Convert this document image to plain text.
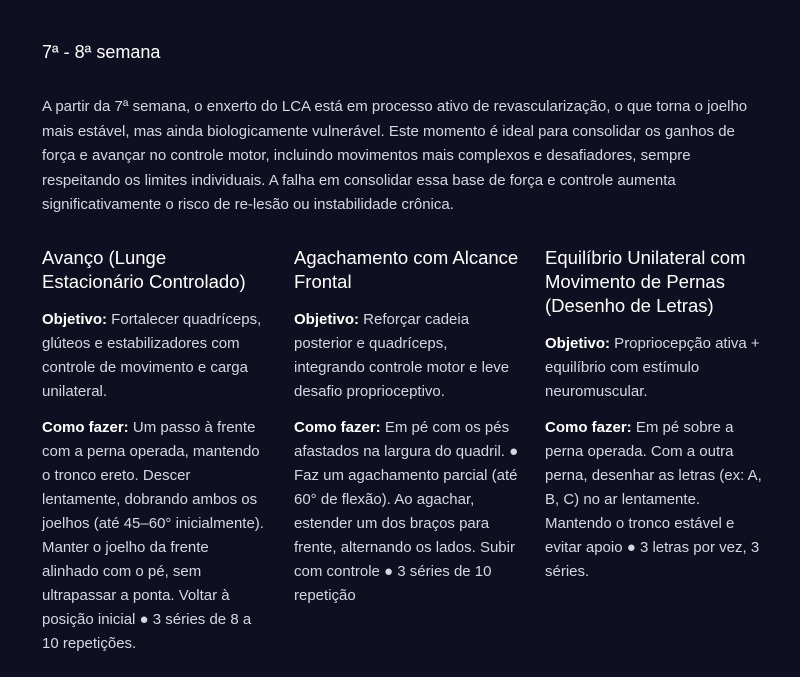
7ª - 8ª semana

A partir da 7ª semana, o enxerto do LCA está em processo ativo de revascularização, o que torna o joelho mais estável, mas ainda biologicamente vulnerável. Este momento é ideal para consolidar os ganhos de força e avançar no controle motor, incluindo movimentos mais complexos e desafiadores, sempre respeitando os limites individuais. A falha em consolidar essa base de força e controle aumenta significativamente o risco de re-lesão ou instabilidade crônica.

Avanço (Lunge Estacionário Controlado)

Objetivo: Fortalecer quadríceps, glúteos e estabilizadores com controle de movimento e carga unilateral.

Como fazer: Um passo à frente com a perna operada, mantendo o tronco ereto. Descer lentamente, dobrando ambos os joelhos (até 45–60° inicialmente). Manter o joelho da frente alinhado com o pé, sem ultrapassar a ponta. Voltar à posição inicial ● 3 séries de 8 a 10 repetições.

Agachamento com Alcance Frontal

Objetivo: Reforçar cadeia posterior e quadríceps, integrando controle motor e leve desafio proprioceptivo.

Como fazer: Em pé com os pés afastados na largura do quadril. ● Faz um agachamento parcial (até 60° de flexão). Ao agachar, estender um dos braços para frente, alternando os lados. Subir com controle ● 3 séries de 10 repetição

Equilíbrio Unilateral com Movimento de Pernas (Desenho de Letras)

Objetivo: Propriocepção ativa + equilíbrio com estímulo neuromuscular.

Como fazer: Em pé sobre a perna operada. Com a outra perna, desenhar as letras (ex: A, B, C) no ar lentamente. Mantendo o tronco estável e evitar apoio ● 3 letras por vez, 3 séries.
